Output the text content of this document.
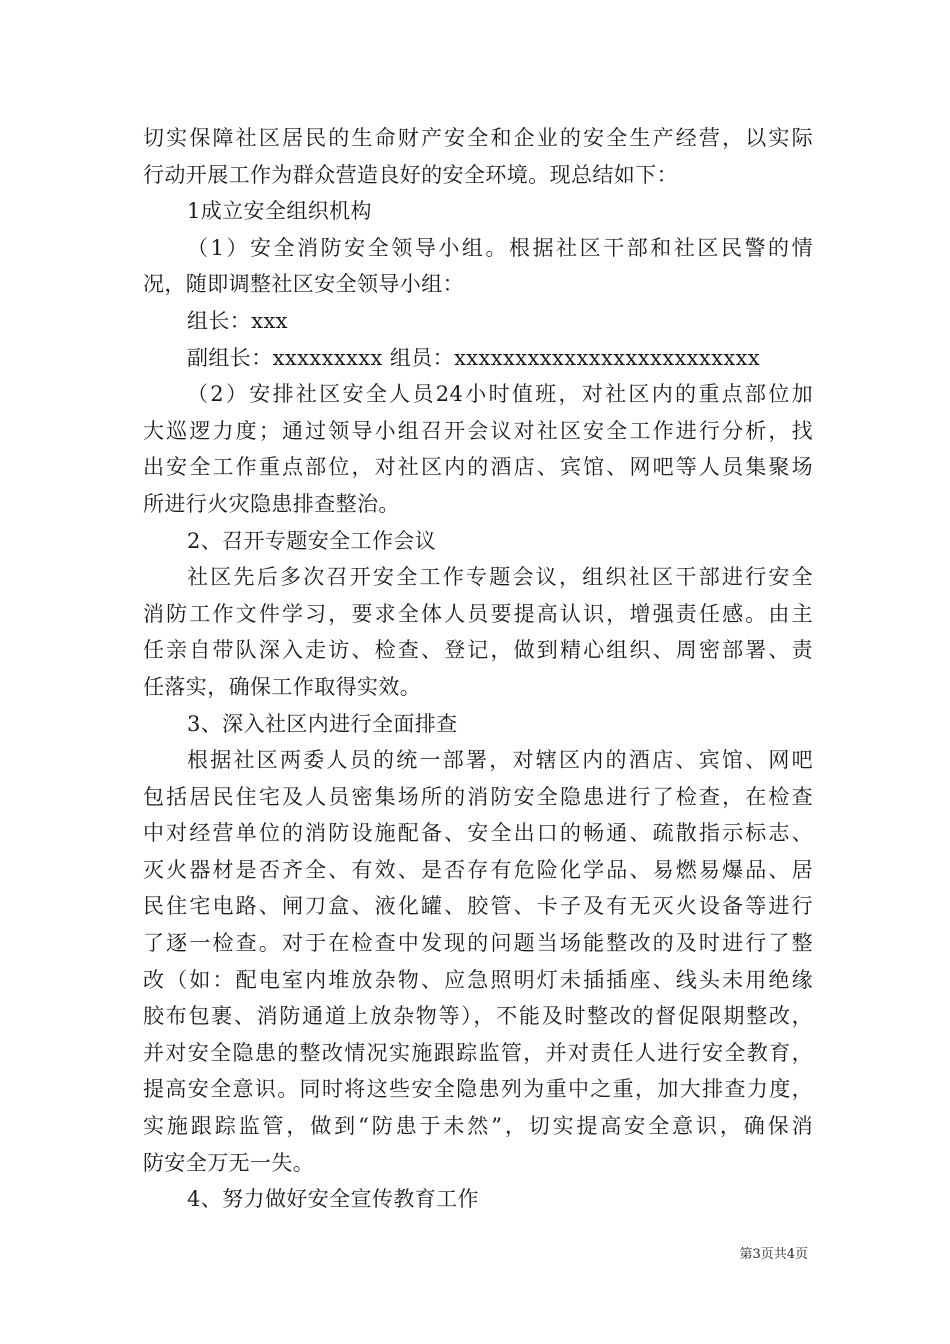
切实保障社区居民的生命财产安全和企业的安全生产经营，以实际
行动开展工作为群众营造良好的安全环境。现总结如下：
1成立安全组织机构
（1）安全消防安全领导小组。根据社区干部和社区民警的情
况，随即调整社区安全领导小组：
组长：xxx
副组长：xxxxxxxxx 组员：xxxxxxxxxxxxxxxxxxxxxxxxx
（2）安排社区安全人员24小时值班，对社区内的重点部位加
大巡逻力度；通过领导小组召开会议对社区安全工作进行分析，找
出安全工作重点部位，对社区内的酒店、宾馆、网吧等人员集聚场
所进行火灾隐患排查整治。
2、召开专题安全工作会议
社区先后多次召开安全工作专题会议，组织社区干部进行安全
消防工作文件学习，要求全体人员要提高认识，增强责任感。由主
任亲自带队深入走访、检查、登记，做到精心组织、周密部署、责
任落实，确保工作取得实效。
3、深入社区内进行全面排查
根据社区两委人员的统一部署，对辖区内的酒店、宾馆、网吧
包括居民住宅及人员密集场所的消防安全隐患进行了检查，在检查
中对经营单位的消防设施配备、安全出口的畅通、疏散指示标志、
灭火器材是否齐全、有效、是否存有危险化学品、易燃易爆品、居
民住宅电路、闸刀盒、液化罐、胶管、卡子及有无灭火设备等进行
了逐一检查。对于在检查中发现的问题当场能整改的及时进行了整
改（如：配电室内堆放杂物、应急照明灯未插插座、线头未用绝缘
胶布包裹、消防通道上放杂物等），不能及时整改的督促限期整改，
并对安全隐患的整改情况实施跟踪监管，并对责任人进行安全教育，
提高安全意识。同时将这些安全隐患列为重中之重，加大排查力度，
实施跟踪监管，做到“防患于未然”，切实提高安全意识，确保消
防安全万无一失。
4、努力做好安全宣传教育工作
第3页共4页
